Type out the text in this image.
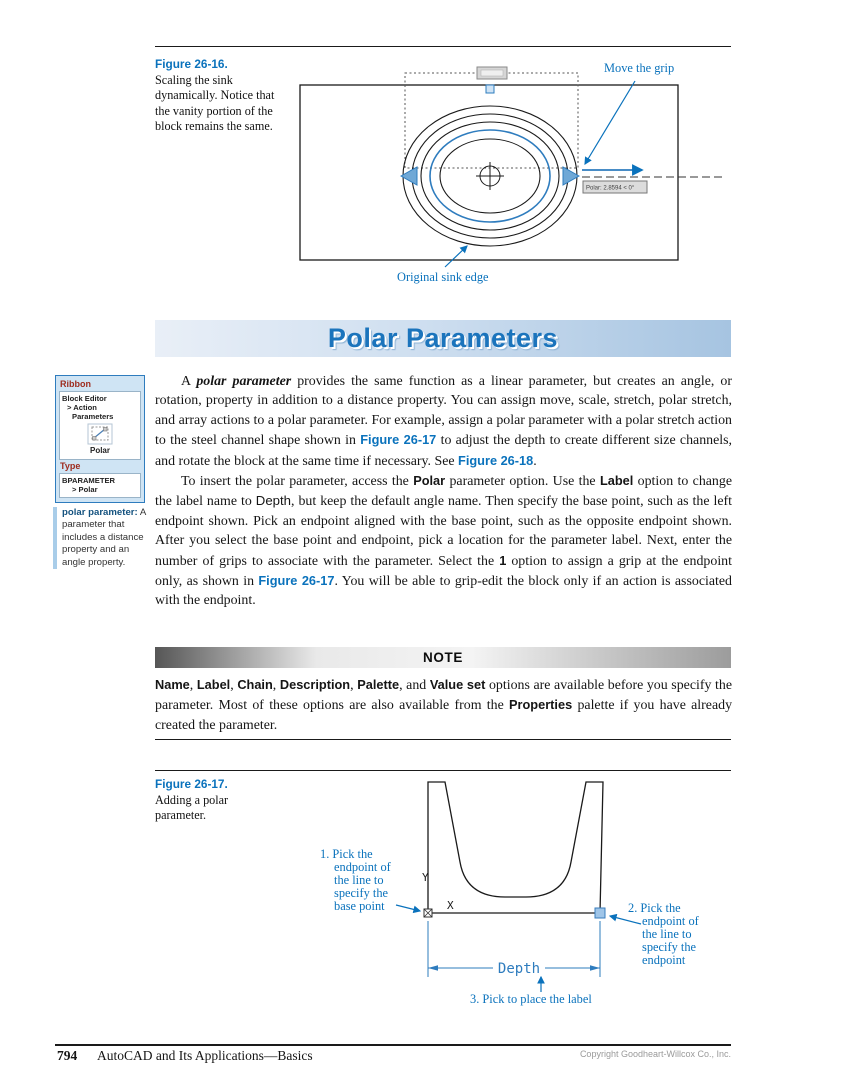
Figure 26-16.
Scaling the sink dynamically. Notice that the vanity portion of the block remains the same.
Polar: 2.8594 < 0°
Move the grip
Original sink edge
Polar Parameters
Ribbon
Block Editor
> Action
Parameters
Polar
Type
BPARAMETER
> Polar
polar parameter: A parameter that includes a distance property and an angle property.

A polar parameter provides the same function as a linear parameter, but creates an angle, or rotation, property in addition to a distance property. You can assign move, scale, stretch, polar stretch, and array actions to a polar parameter. For example, assign a polar parameter with a polar stretch action to the steel channel shape shown in Figure 26-17 to adjust the depth to create different size channels, and rotate the block at the same time if necessary. See Figure 26-18.

To insert the polar parameter, access the Polar parameter option. Use the Label option to change the label name to Depth, but keep the default angle name. Then specify the base point, such as the left endpoint shown. Pick an endpoint aligned with the base point, such as the opposite endpoint shown. After you select the base point and endpoint, pick a location for the parameter label. Next, enter the number of grips to associate with the parameter. Select the 1 option to assign a grip at the endpoint only, as shown in Figure 26-17. You will be able to grip-edit the block only if an action is associated with the endpoint.

NOTE
Name, Label, Chain, Description, Palette, and Value set options are available before you specify the parameter. Most of these options are also available from the Properties palette if you have already created the parameter.
Figure 26-17.
Adding a polar parameter.
Y
X
Depth
1. Pick the endpoint of the line to specify the base point	2. Pick the endpoint of the line to specify the endpoint
3. Pick to place the label
794 AutoCAD and Its Applications—Basics	Copyright Goodheart-Willcox Co., Inc.
